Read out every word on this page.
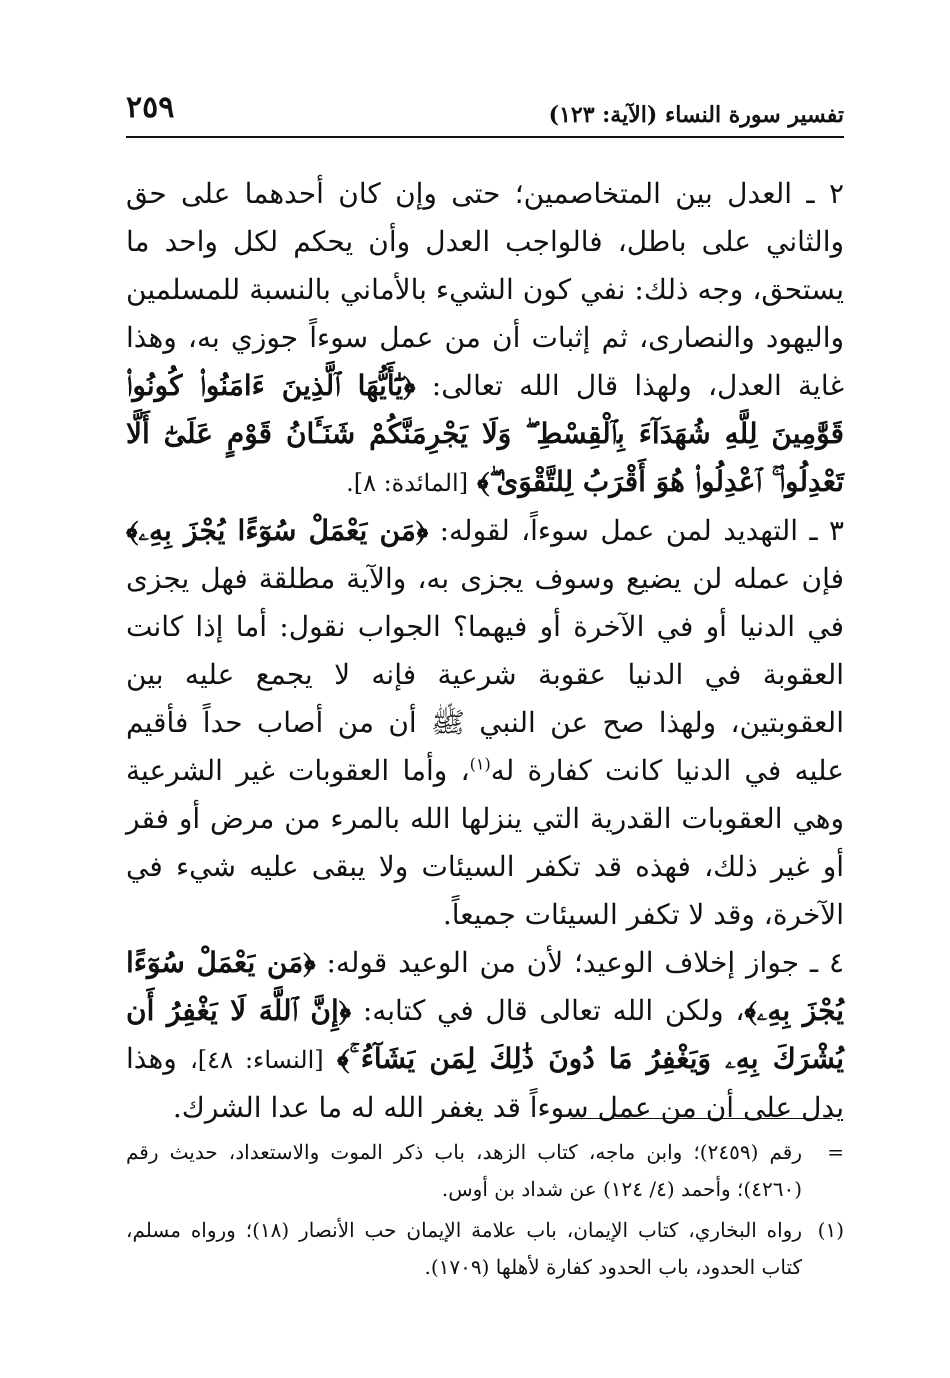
٢٥٩	تفسير سورة النساء (الآية: ١٢٣)

٢ ـ العدل بين المتخاصمين؛ حتى وإن كان أحدهما على حق والثاني على باطل، فالواجب العدل وأن يحكم لكل واحد ما يستحق، وجه ذلك: نفي كون الشيء بالأماني بالنسبة للمسلمين واليهود والنصارى، ثم إثبات أن من عمل سوءاً جوزي به، وهذا غاية العدل، ولهذا قال الله تعالى: ﴿يَٰٓأَيُّهَا ٱلَّذِينَ ءَامَنُوا۟ كُونُوا۟ قَوَّٰمِينَ لِلَّهِ شُهَدَآءَ بِٱلْقِسْطِ ۖ وَلَا يَجْرِمَنَّكُمْ شَنَـَٔانُ قَوْمٍ عَلَىٰٓ أَلَّا تَعْدِلُوا۟ ۚ ٱعْدِلُوا۟ هُوَ أَقْرَبُ لِلتَّقْوَىٰ ۖ﴾ [المائدة: ٨].

٣ ـ التهديد لمن عمل سوءاً، لقوله: ﴿مَن يَعْمَلْ سُوٓءًا يُجْزَ بِهِۦ﴾ فإن عمله لن يضيع وسوف يجزى به، والآية مطلقة فهل يجزى في الدنيا أو في الآخرة أو فيهما؟ الجواب نقول: أما إذا كانت العقوبة في الدنيا عقوبة شرعية فإنه لا يجمع عليه بين العقوبتين، ولهذا صح عن النبي ﷺ أن من أصاب حداً فأقيم عليه في الدنيا كانت كفارة له$^{(١)}$، وأما العقوبات غير الشرعية وهي العقوبات القدرية التي ينزلها الله بالمرء من مرض أو فقر أو غير ذلك، فهذه قد تكفر السيئات ولا يبقى عليه شيء في الآخرة، وقد لا تكفر السيئات جميعاً.

٤ ـ جواز إخلاف الوعيد؛ لأن من الوعيد قوله: ﴿مَن يَعْمَلْ سُوٓءًا يُجْزَ بِهِۦ﴾، ولكن الله تعالى قال في كتابه: ﴿إِنَّ ٱللَّهَ لَا يَغْفِرُ أَن يُشْرَكَ بِهِۦ وَيَغْفِرُ مَا دُونَ ذَٰلِكَ لِمَن يَشَآءُ ۚ﴾ [النساء: ٤٨]، وهذا يدل على أن من عمل سوءاً قد يغفر الله له ما عدا الشرك.

=
رقم (٢٤٥٩)؛ وابن ماجه، كتاب الزهد، باب ذكر الموت والاستعداد، حديث رقم (٤٢٦٠)؛ وأحمد (٤/ ١٢٤) عن شداد بن أوس.
(١)
رواه البخاري، كتاب الإيمان، باب علامة الإيمان حب الأنصار (١٨)؛ ورواه مسلم، كتاب الحدود، باب الحدود كفارة لأهلها (١٧٠٩).
